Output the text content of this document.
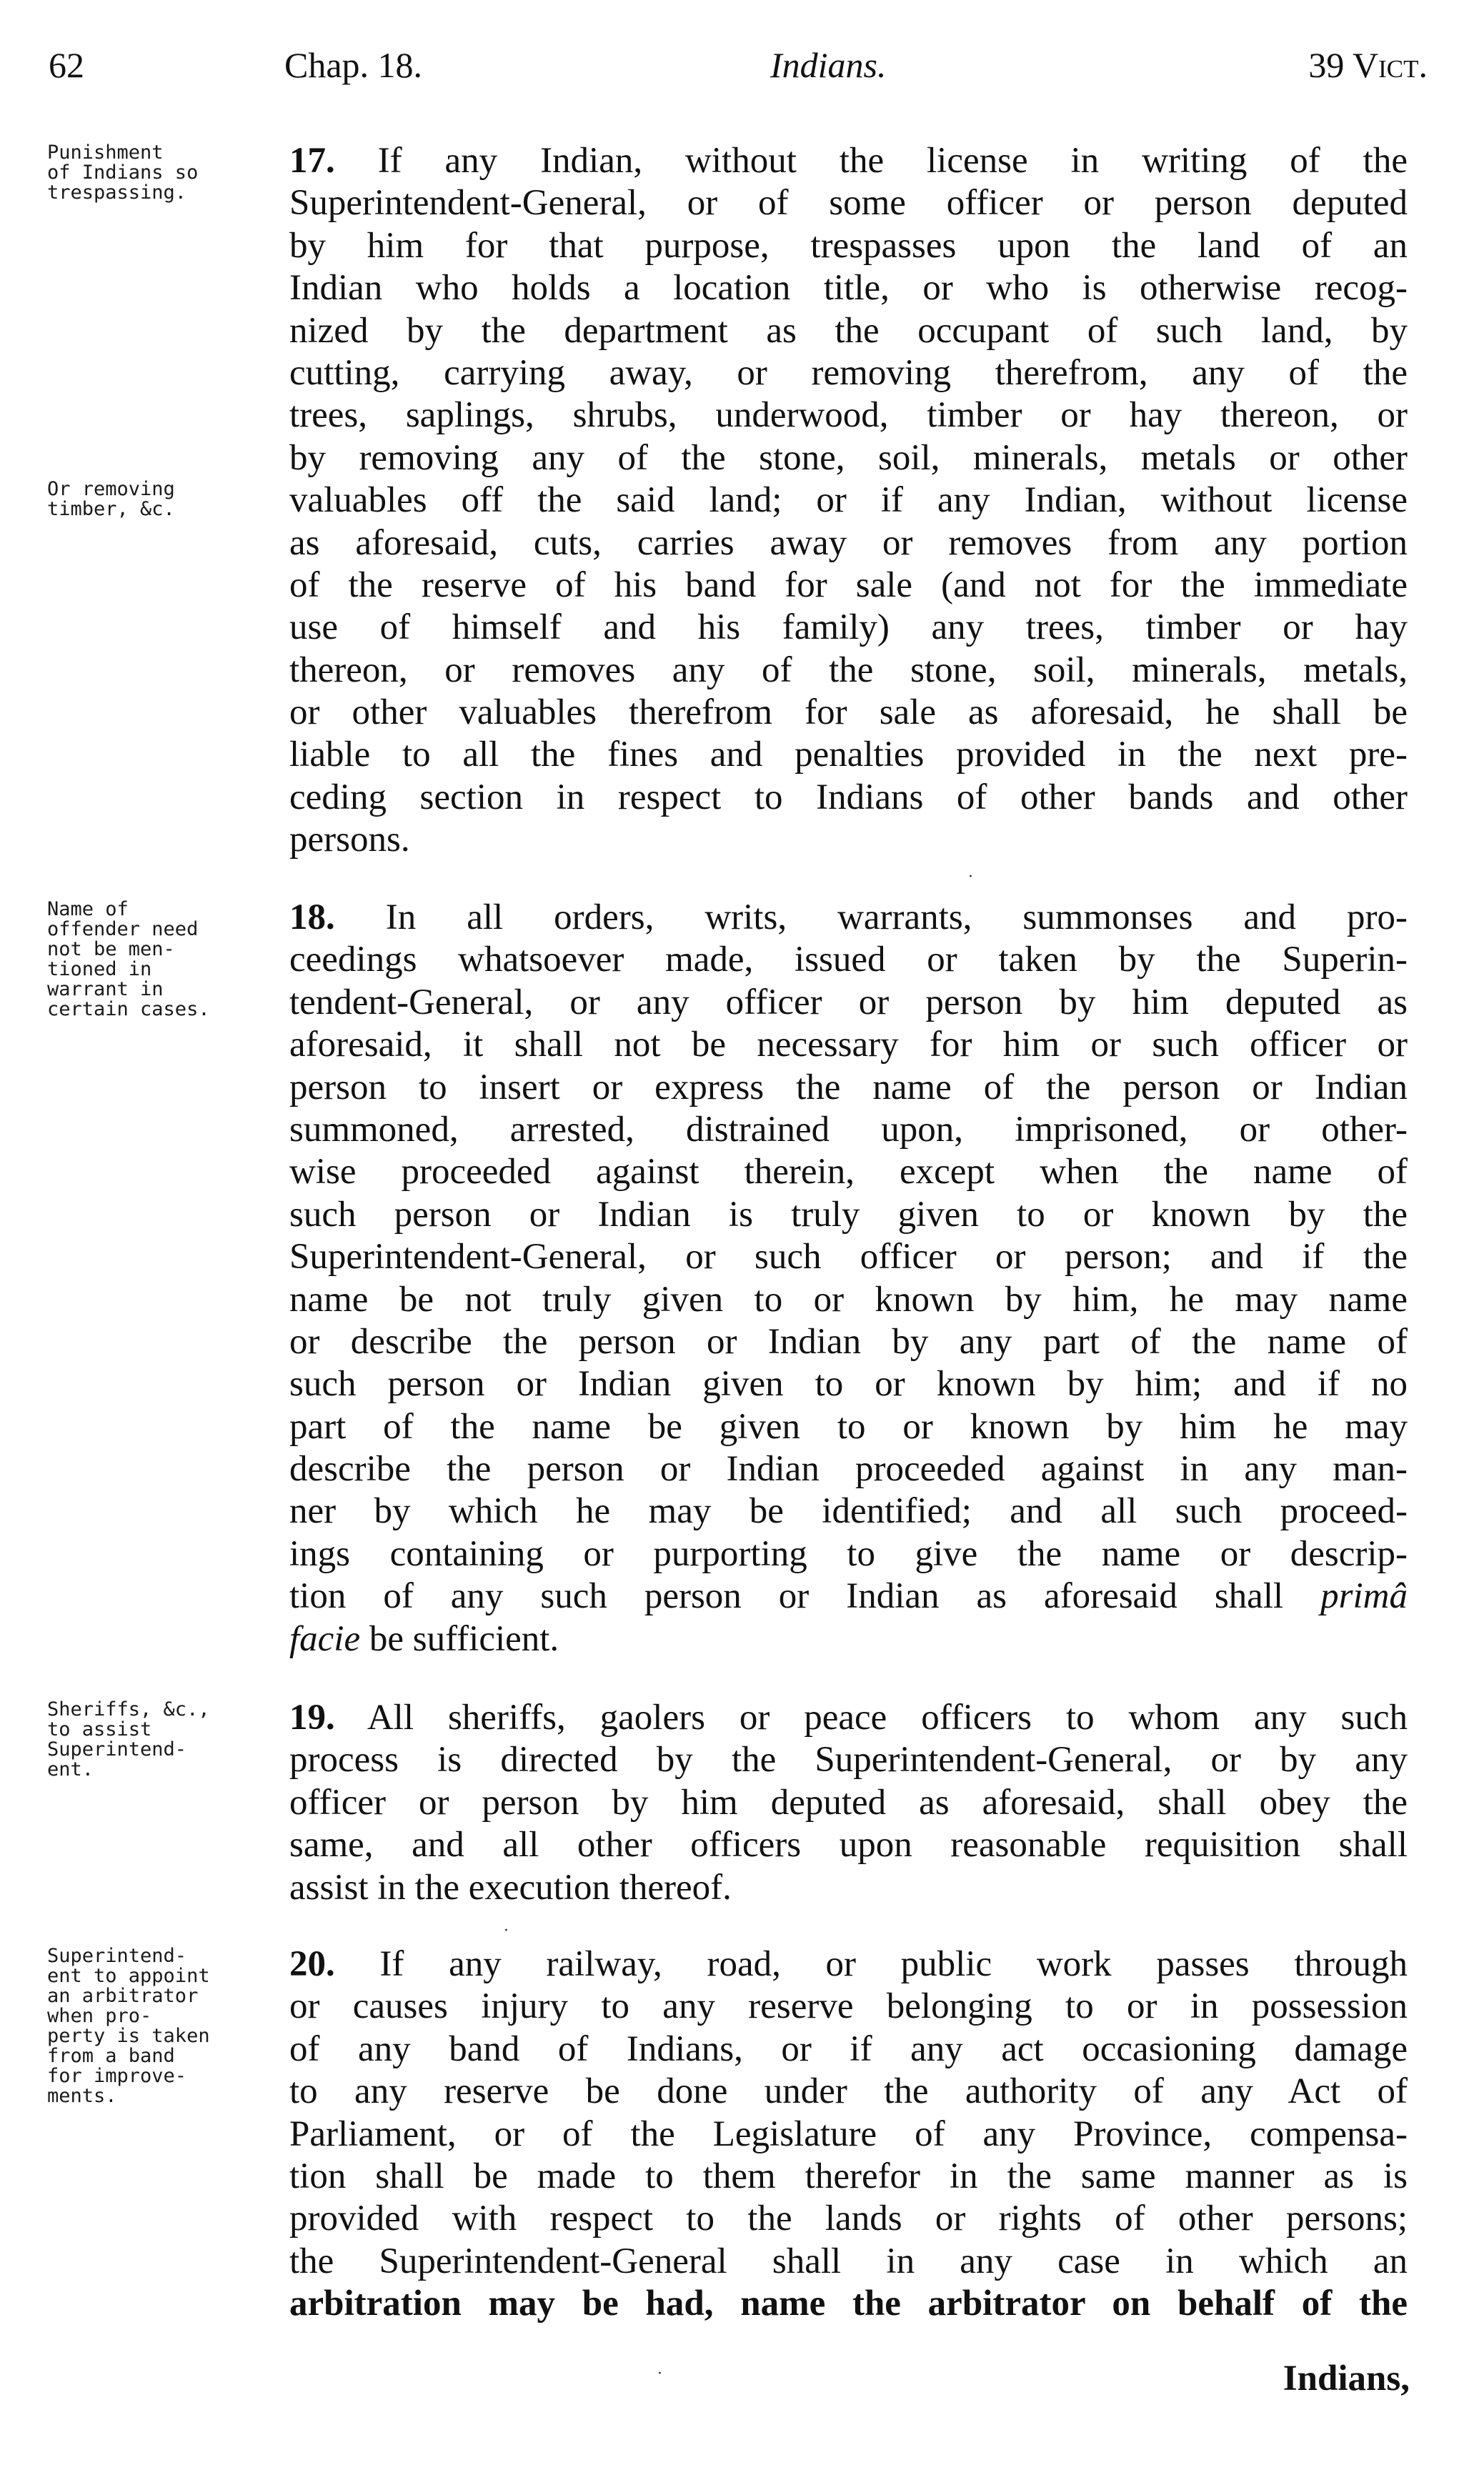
62	Chap. 18.	Indians.	39 Vict.
Punishment
of Indians so
trespassing.
Or removing
timber, &c.
17. If any Indian, without the license in writing of the
Superintendent-General, or of some officer or person deputed
by him for that purpose, trespasses upon the land of an
Indian who holds a location title, or who is otherwise recog-
nized by the department as the occupant of such land, by
cutting, carrying away, or removing therefrom, any of the
trees, saplings, shrubs, underwood, timber or hay thereon, or
by removing any of the stone, soil, minerals, metals or other
valuables off the said land; or if any Indian, without license
as aforesaid, cuts, carries away or removes from any portion
of the reserve of his band for sale (and not for the immediate
use of himself and his family) any trees, timber or hay
thereon, or removes any of the stone, soil, minerals, metals,
or other valuables therefrom for sale as aforesaid, he shall be
liable to all the fines and penalties provided in the next pre-
ceding section in respect to Indians of other bands and other
persons.
Name of
offender need
not be men-
tioned in
warrant in
certain cases.
18. In all orders, writs, warrants, summonses and pro-
ceedings whatsoever made, issued or taken by the Superin-
tendent-General, or any officer or person by him deputed as
aforesaid, it shall not be necessary for him or such officer or
person to insert or express the name of the person or Indian
summoned, arrested, distrained upon, imprisoned, or other-
wise proceeded against therein, except when the name of
such person or Indian is truly given to or known by the
Superintendent-General, or such officer or person; and if the
name be not truly given to or known by him, he may name
or describe the person or Indian by any part of the name of
such person or Indian given to or known by him; and if no
part of the name be given to or known by him he may
describe the person or Indian proceeded against in any man-
ner by which he may be identified; and all such proceed-
ings containing or purporting to give the name or descrip-
tion of any such person or Indian as aforesaid shall primâ
facie be sufficient.
Sheriffs, &c.,
to assist
Superintend-
ent.
19. All sheriffs, gaolers or peace officers to whom any such
process is directed by the Superintendent-General, or by any
officer or person by him deputed as aforesaid, shall obey the
same, and all other officers upon reasonable requisition shall
assist in the execution thereof.
Superintend-
ent to appoint
an arbitrator
when pro-
perty is taken
from a band
for improve-
ments.
20. If any railway, road, or public work passes through
or causes injury to any reserve belonging to or in possession
of any band of Indians, or if any act occasioning damage
to any reserve be done under the authority of any Act of
Parliament, or of the Legislature of any Province, compensa-
tion shall be made to them therefor in the same manner as is
provided with respect to the lands or rights of other persons;
the Superintendent-General shall in any case in which an
arbitration may be had, name the arbitrator on behalf of the
Indians,
·
·
·
